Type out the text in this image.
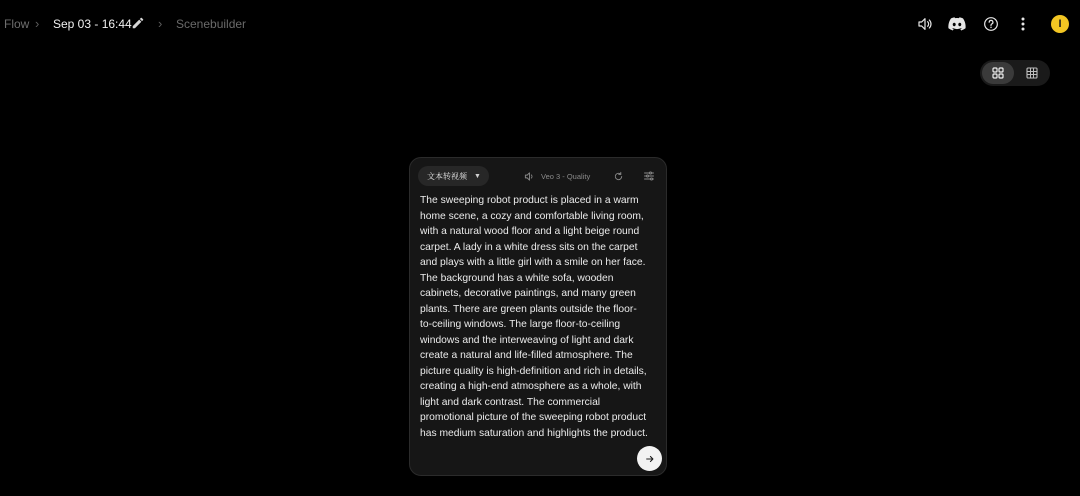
Flow › Sep 03 - 16:44 › Scenebuilder	I
文本转视频 ▼	Veo 3 - Quality

The sweeping robot product is placed in a warm
home scene, a cozy and comfortable living room,
with a natural wood floor and a light beige round
carpet. A lady in a white dress sits on the carpet
and plays with a little girl with a smile on her face.
The background has a white sofa, wooden
cabinets, decorative paintings, and many green
plants. There are green plants outside the floor-
to-ceiling windows. The large floor-to-ceiling
windows and the interweaving of light and dark
create a natural and life-filled atmosphere. The
picture quality is high-definition and rich in details,
creating a high-end atmosphere as a whole, with
light and dark contrast. The commercial
promotional picture of the sweeping robot product
has medium saturation and highlights the product.
